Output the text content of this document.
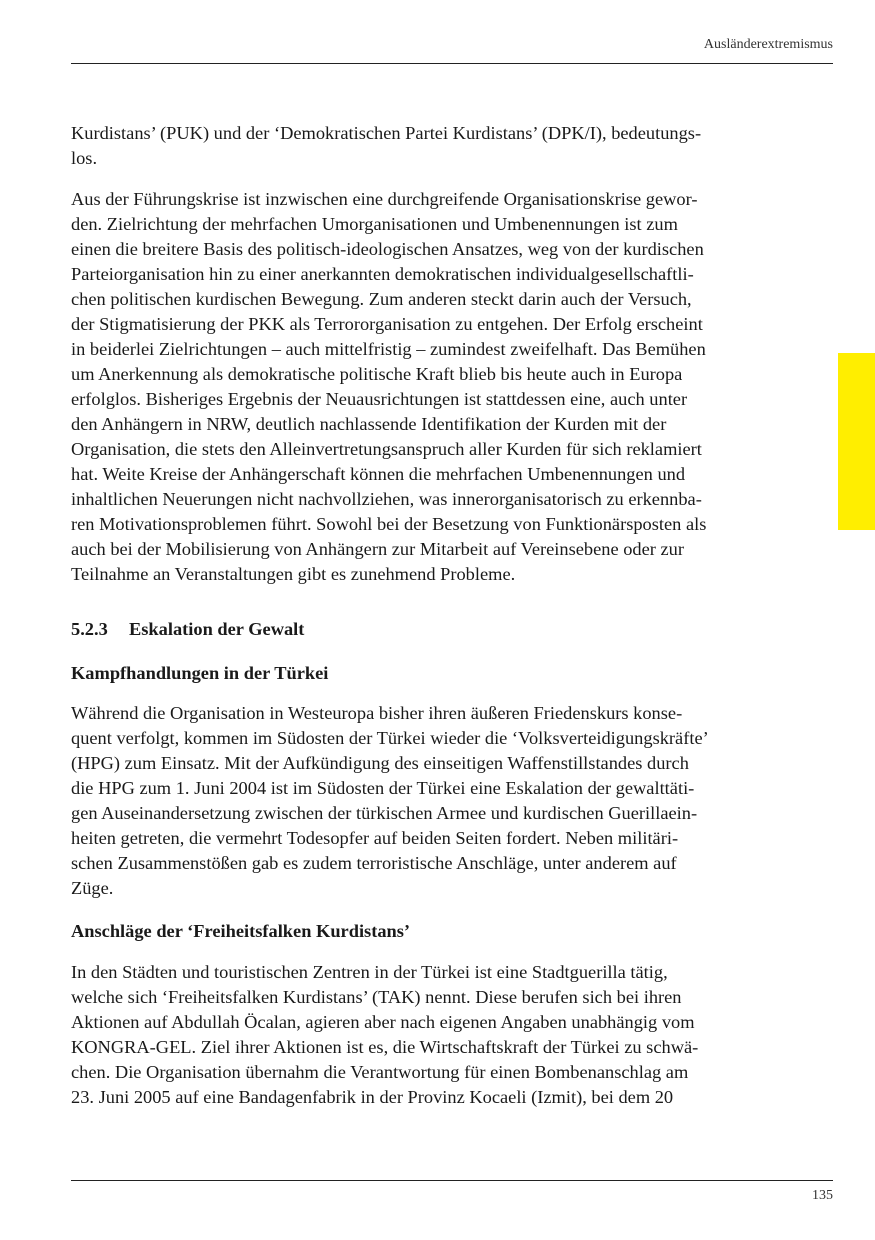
Ausländerextremismus

Kurdistans’ (PUK) und der ‘Demokratischen Partei Kurdistans’ (DPK/I), bedeutungs-
los.

Aus der Führungskrise ist inzwischen eine durchgreifende Organisationskrise gewor-
den. Zielrichtung der mehrfachen Umorganisationen und Umbenennungen ist zum
einen die breitere Basis des politisch-ideologischen Ansatzes, weg von der kurdischen
Parteiorganisation hin zu einer anerkannten demokratischen individualgesellschaftli-
chen politischen kurdischen Bewegung. Zum anderen steckt darin auch der Versuch,
der Stigmatisierung der PKK als Terrororganisation zu entgehen. Der Erfolg erscheint
in beiderlei Zielrichtungen – auch mittelfristig – zumindest zweifelhaft. Das Bemühen
um Anerkennung als demokratische politische Kraft blieb bis heute auch in Europa
erfolglos. Bisheriges Ergebnis der Neuausrichtungen ist stattdessen eine, auch unter
den Anhängern in NRW, deutlich nachlassende Identifikation der Kurden mit der
Organisation, die stets den Alleinvertretungsanspruch aller Kurden für sich reklamiert
hat. Weite Kreise der Anhängerschaft können die mehrfachen Umbenennungen und
inhaltlichen Neuerungen nicht nachvollziehen, was innerorganisatorisch zu erkennba-
ren Motivationsproblemen führt. Sowohl bei der Besetzung von Funktionärsposten als
auch bei der Mobilisierung von Anhängern zur Mitarbeit auf Vereinsebene oder zur
Teilnahme an Veranstaltungen gibt es zunehmend Probleme.

5.2.3 Eskalation der Gewalt
Kampfhandlungen in der Türkei

Während die Organisation in Westeuropa bisher ihren äußeren Friedenskurs konse-
quent verfolgt, kommen im Südosten der Türkei wieder die ‘Volksverteidigungskräfte’
(HPG) zum Einsatz. Mit der Aufkündigung des einseitigen Waffenstillstandes durch
die HPG zum 1. Juni 2004 ist im Südosten der Türkei eine Eskalation der gewalttäti-
gen Auseinandersetzung zwischen der türkischen Armee und kurdischen Guerillaein-
heiten getreten, die vermehrt Todesopfer auf beiden Seiten fordert. Neben militäri-
schen Zusammenstößen gab es zudem terroristische Anschläge, unter anderem auf
Züge.

Anschläge der ‘Freiheitsfalken Kurdistans’

In den Städten und touristischen Zentren in der Türkei ist eine Stadtguerilla tätig,
welche sich ‘Freiheitsfalken Kurdistans’ (TAK) nennt. Diese berufen sich bei ihren
Aktionen auf Abdullah Öcalan, agieren aber nach eigenen Angaben unabhängig vom
KONGRA-GEL. Ziel ihrer Aktionen ist es, die Wirtschaftskraft der Türkei zu schwä-
chen. Die Organisation übernahm die Verantwortung für einen Bombenanschlag am
23. Juni 2005 auf eine Bandagenfabrik in der Provinz Kocaeli (Izmit), bei dem 20

135
